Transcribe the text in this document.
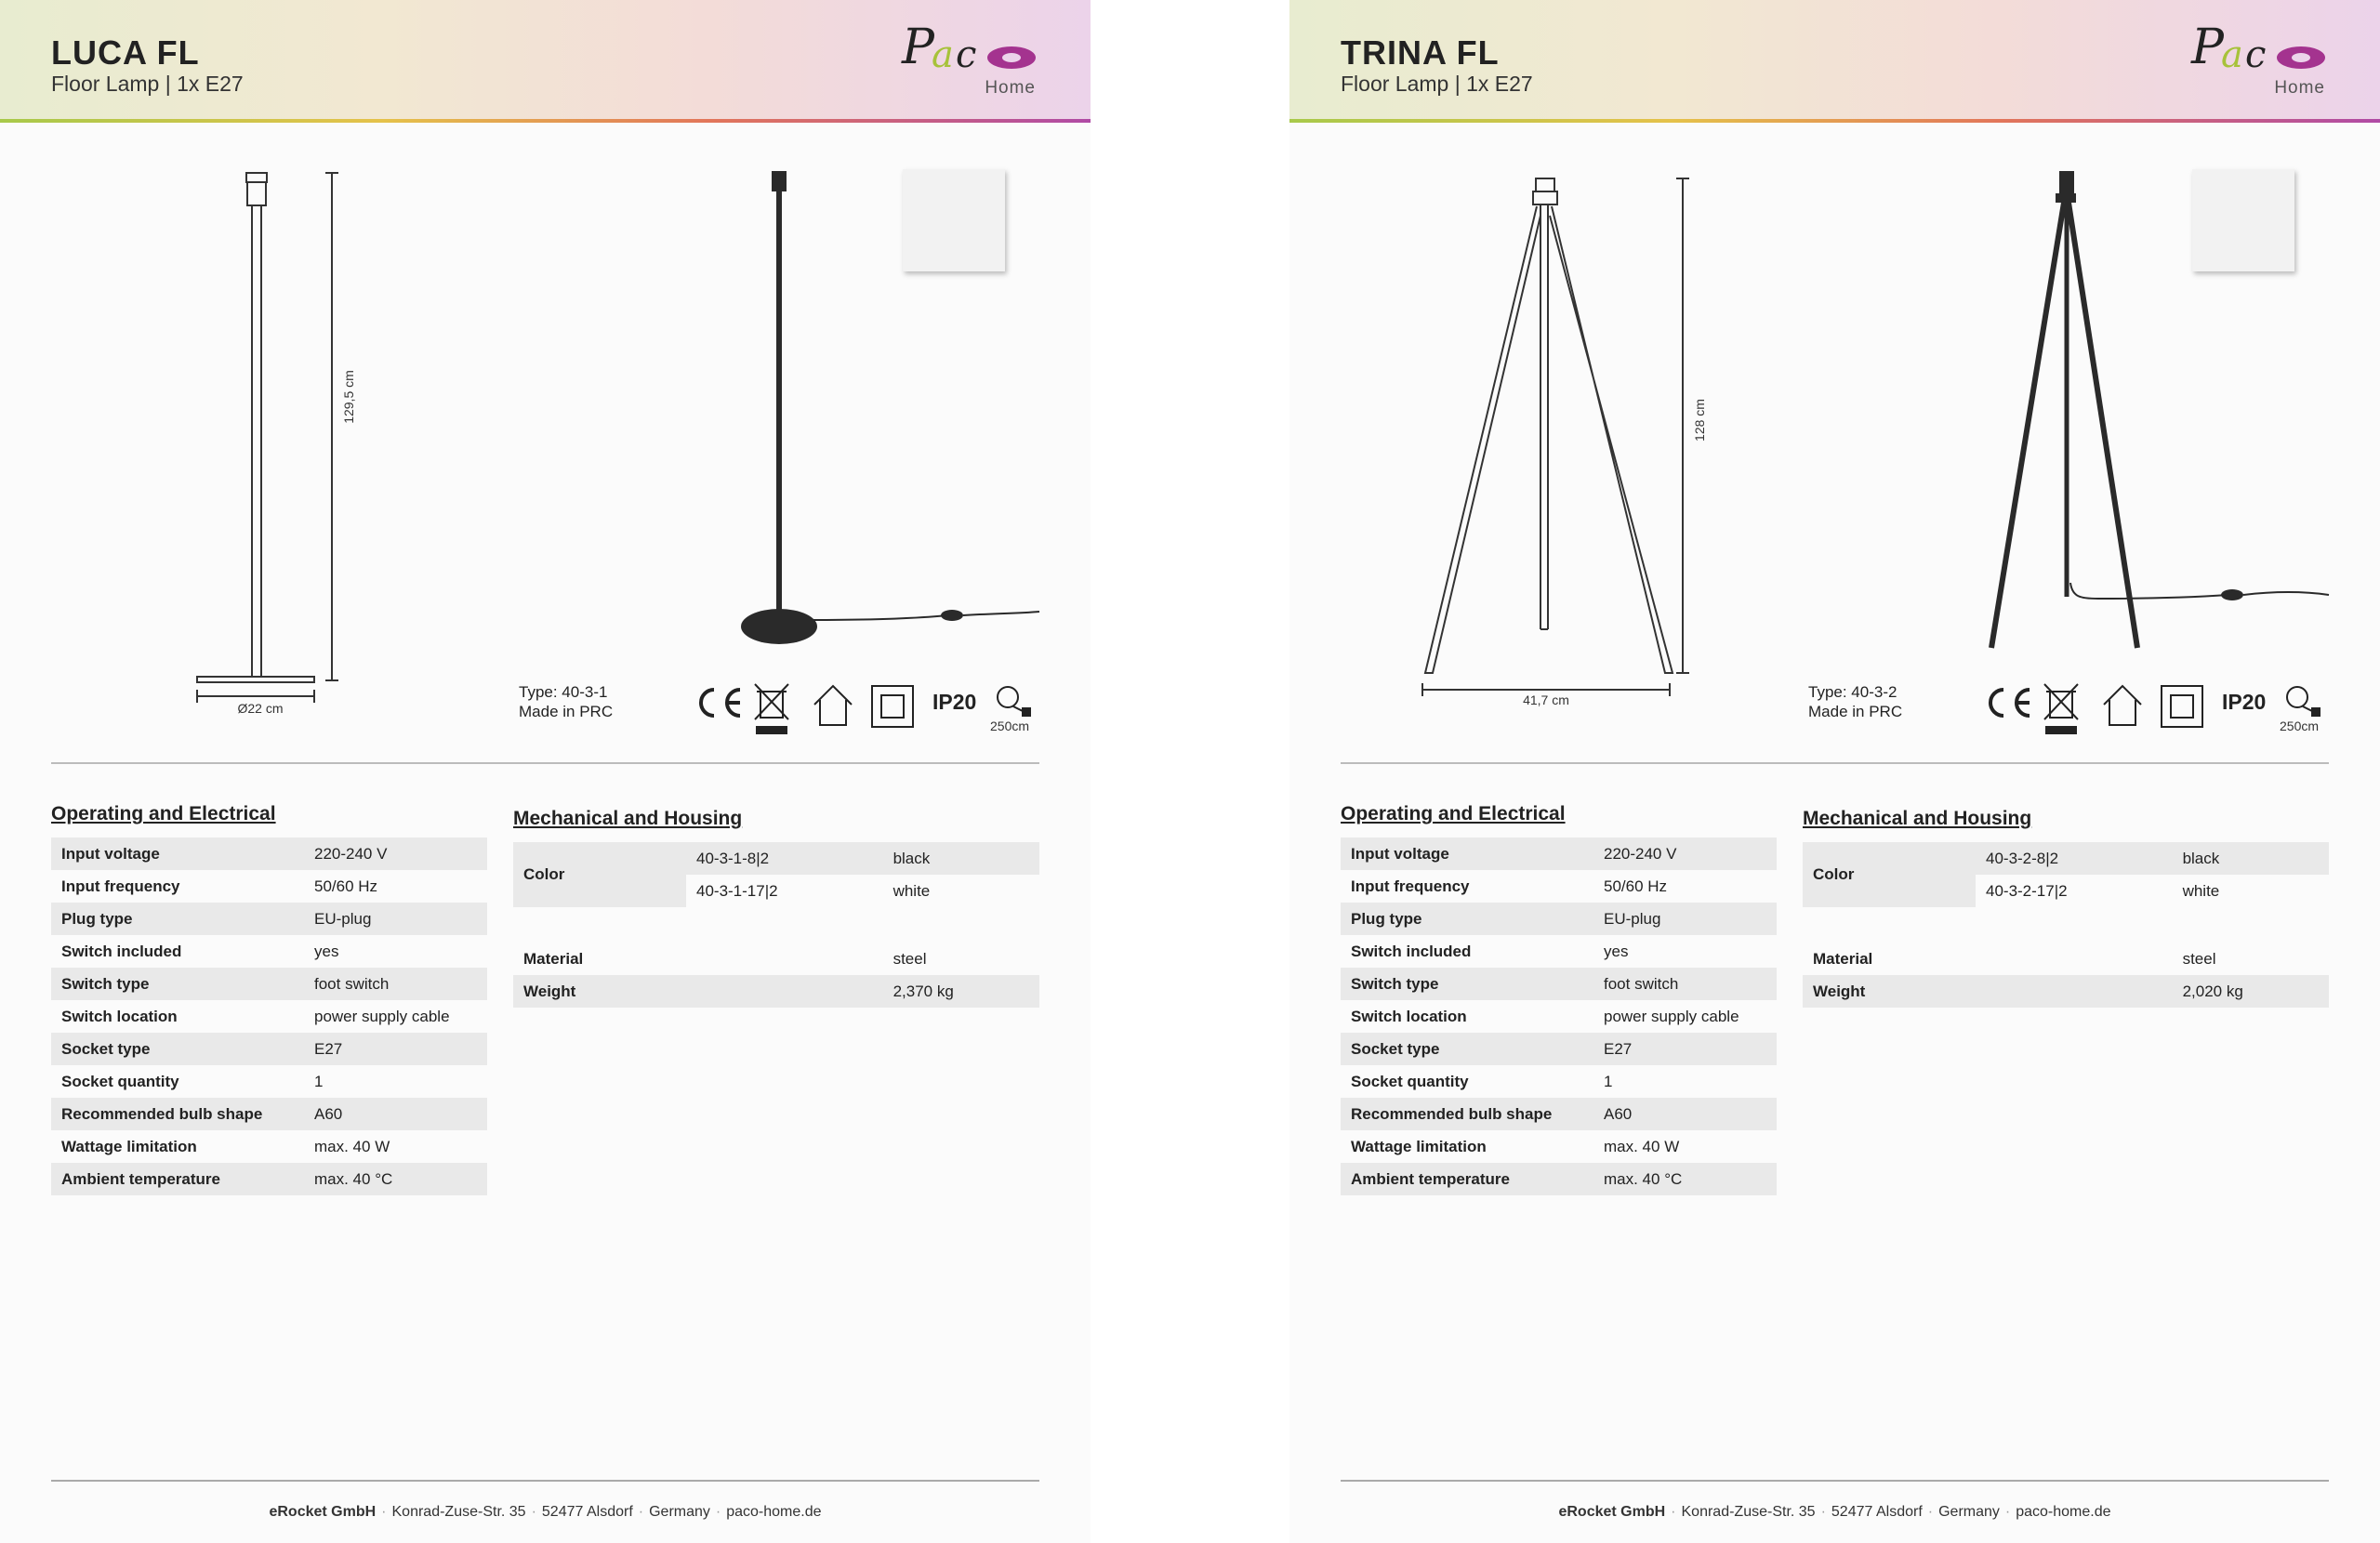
LUCA FL
Floor Lamp | 1x E27
P
a c
Home
129,5 cm
Ø22 cm
Type: 40-3-1
Made in PRC	IP20
250cm
Operating and Electrical
Input voltage	220-240 V
Input frequency	50/60 Hz
Plug type	EU-plug
Switch included	yes
Switch type	foot switch
Switch location	power supply cable
Socket type	E27
Socket quantity	1
Recommended bulb shape	A60
Wattage limitation	max. 40 W
Ambient temperature	max. 40 °C
Mechanical and Housing
Color	40-3-1-8|2	black
	40-3-1-17|2	white

Material		steel
Weight		2,370 kg
eRocket GmbH · Konrad-Zuse-Str. 35 · 52477 Alsdorf · Germany · paco-home.de
TRINA FL
Floor Lamp | 1x E27
P
a c
Home
128 cm
41,7 cm	Type: 40-3-2
Made in PRC	IP20
250cm
Operating and Electrical
Input voltage	220-240 V
Input frequency	50/60 Hz
Plug type	EU-plug
Switch included	yes
Switch type	foot switch
Switch location	power supply cable
Socket type	E27
Socket quantity	1
Recommended bulb shape	A60
Wattage limitation	max. 40 W
Ambient temperature	max. 40 °C
Mechanical and Housing
Color	40-3-2-8|2	black
	40-3-2-17|2	white

Material		steel
Weight		2,020 kg
eRocket GmbH · Konrad-Zuse-Str. 35 · 52477 Alsdorf · Germany · paco-home.de
